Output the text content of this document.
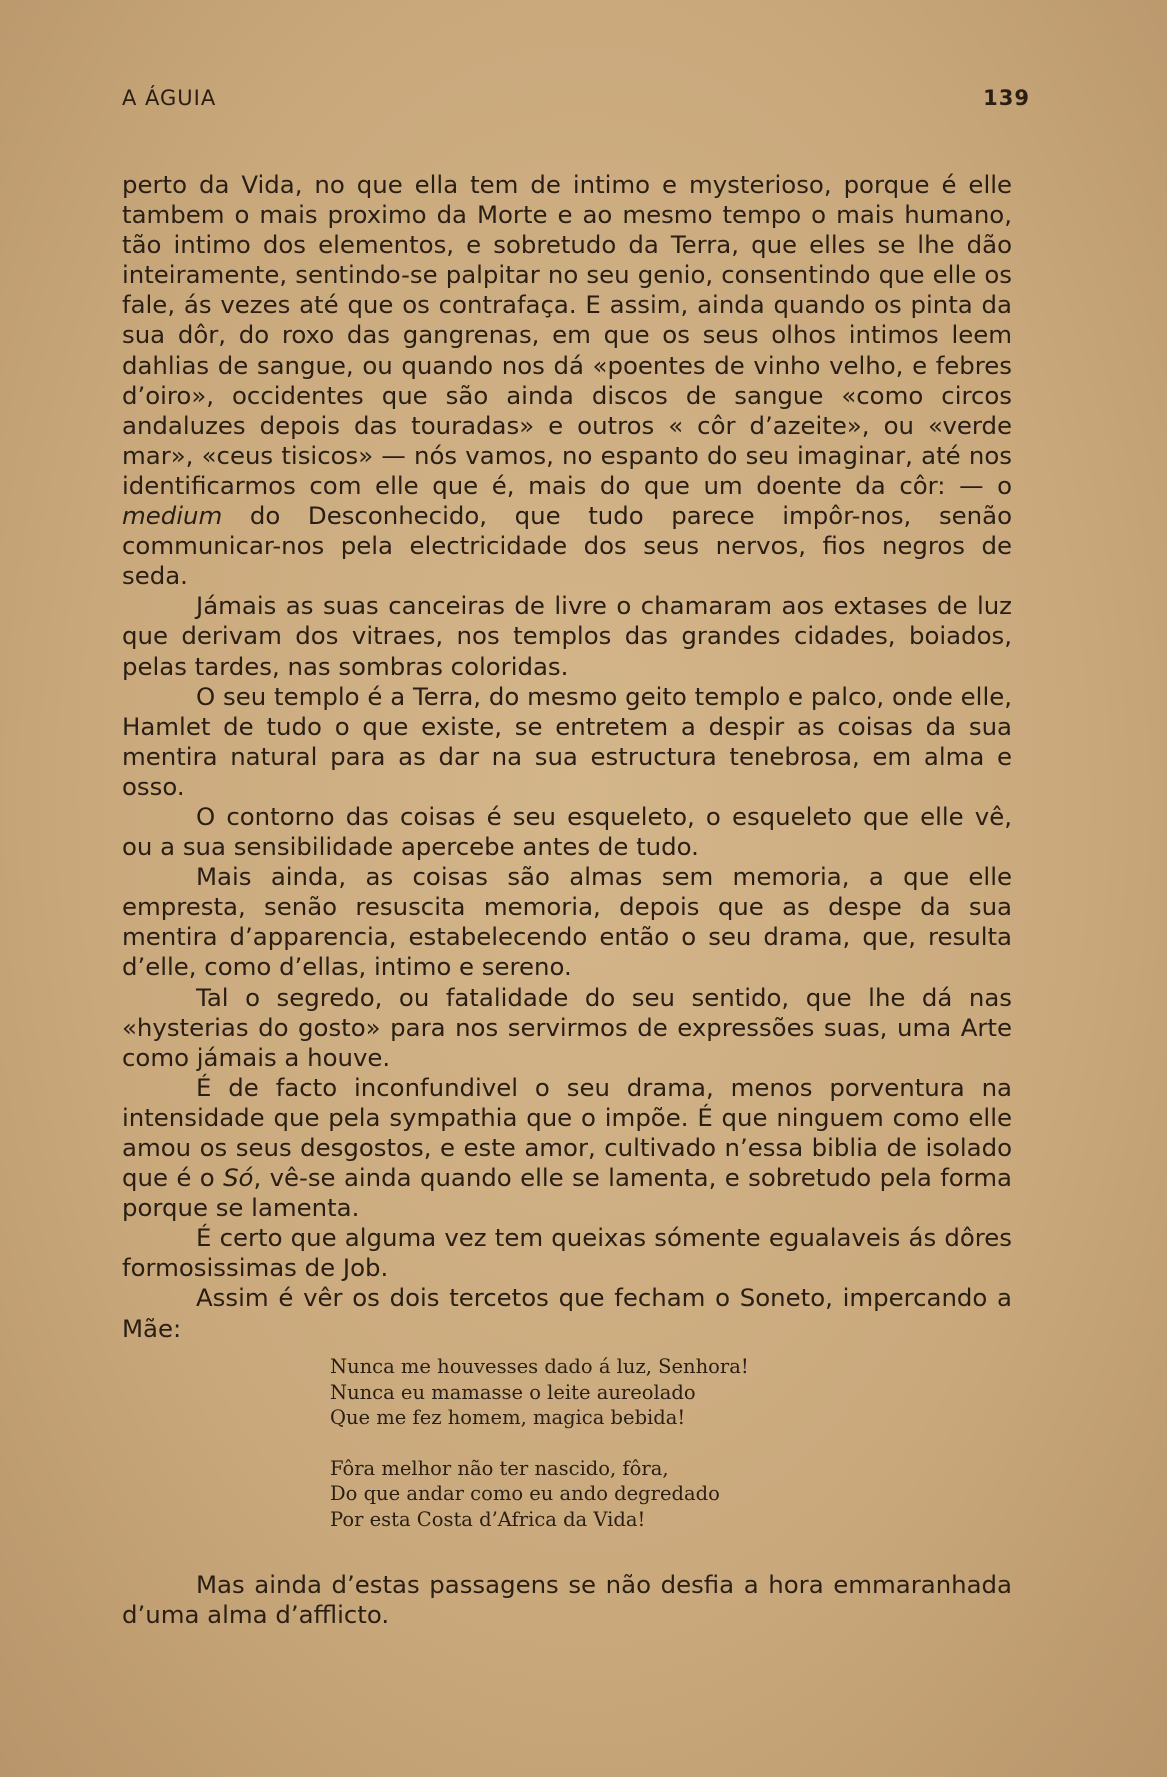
A ÁGUIA	139

perto da Vida, no que ella tem de intimo e mysterioso, porque é elle tambem o mais proximo da Morte e ao mesmo tempo o mais humano, tão intimo dos elementos, e sobretudo da Terra, que elles se lhe dão inteiramente, sentindo-se palpitar no seu genio, consentindo que elle os fale, ás vezes até que os contrafaça. E assim, ainda quando os pinta da sua dôr, do roxo das gangrenas, em que os seus olhos intimos leem dahlias de sangue, ou quando nos dá «poentes de vinho velho, e febres d’oiro», occidentes que são ainda discos de sangue «como circos andaluzes depois das touradas» e outros « côr d’azeite», ou «verde mar», «ceus tisicos» — nós vamos, no espanto do seu imaginar, até nos identificarmos com elle que é, mais do que um doente da côr: — o medium do Desconhecido, que tudo parece impôr-nos, senão communicar-nos pela electricidade dos seus nervos, fios negros de seda.

Jámais as suas canceiras de livre o chamaram aos extases de luz que derivam dos vitraes, nos templos das grandes cidades, boiados, pelas tardes, nas sombras coloridas.

O seu templo é a Terra, do mesmo geito templo e palco, onde elle, Hamlet de tudo o que existe, se entretem a despir as coisas da sua mentira natural para as dar na sua estructura tenebrosa, em alma e osso.

O contorno das coisas é seu esqueleto, o esqueleto que elle vê, ou a sua sensibilidade apercebe antes de tudo.

Mais ainda, as coisas são almas sem memoria, a que elle empresta, senão resuscita memoria, depois que as despe da sua mentira d’apparencia, estabelecendo então o seu drama, que, resulta d’elle, como d’ellas, intimo e sereno.

Tal o segredo, ou fatalidade do seu sentido, que lhe dá nas «hysterias do gosto» para nos servirmos de expressões suas, uma Arte como jámais a houve.

É de facto inconfundivel o seu drama, menos porventura na intensidade que pela sympathia que o impõe. É que ninguem como elle amou os seus desgostos, e este amor, cultivado n’essa biblia de isolado que é o Só, vê-se ainda quando elle se lamenta, e sobretudo pela forma porque se lamenta.

É certo que alguma vez tem queixas sómente egualaveis ás dôres formosissimas de Job.

Assim é vêr os dois tercetos que fecham o Soneto, impercando a Mãe:

Nunca me houvesses dado á luz, Senhora!
Nunca eu mamasse o leite aureolado
Que me fez homem, magica bebida!
Fôra melhor não ter nascido, fôra,
Do que andar como eu ando degredado
Por esta Costa d’Africa da Vida!

Mas ainda d’estas passagens se não desfia a hora emmaranhada d’uma alma d’afflicto.
